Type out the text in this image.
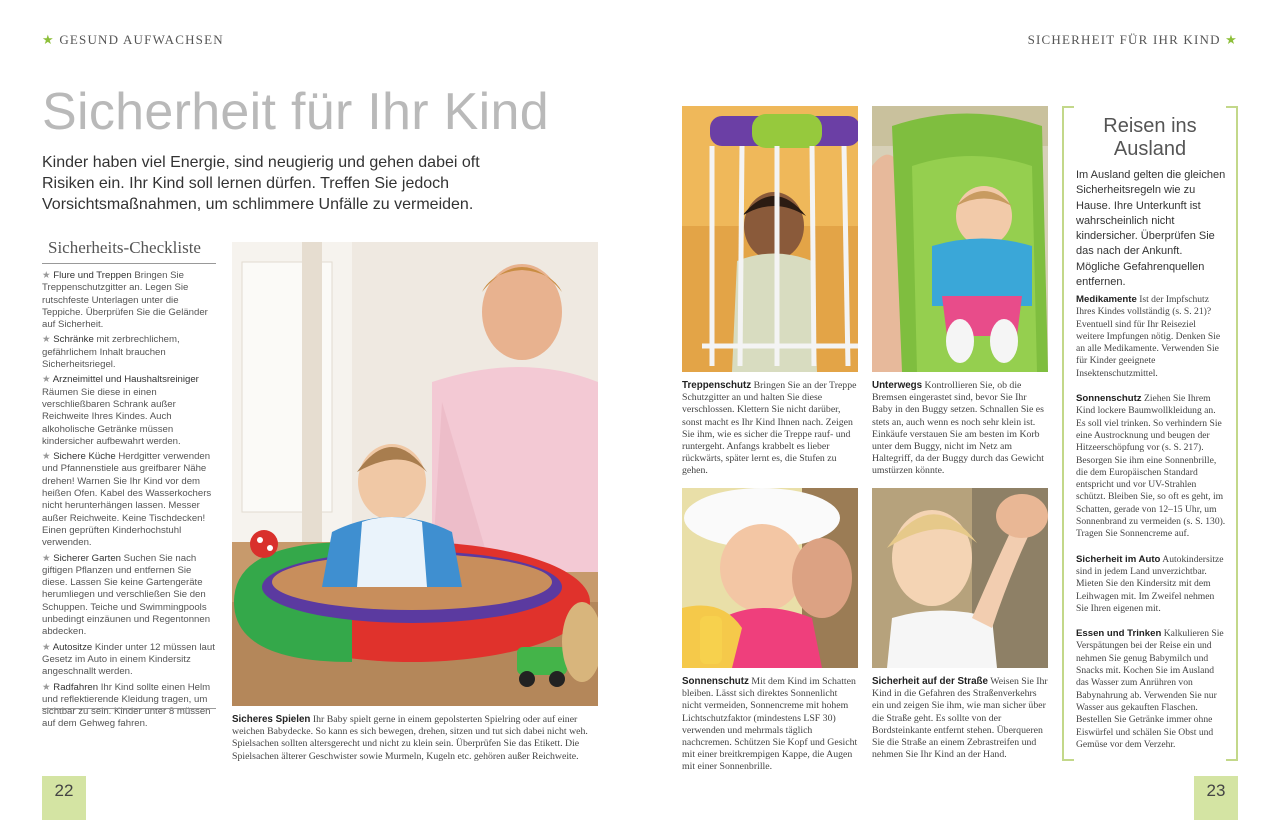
★ GESUND AUFWACHSEN	SICHERHEIT FÜR IHR KIND ★
Sicherheit für Ihr Kind
Kinder haben viel Energie, sind neugierig und gehen dabei oft Risiken ein. Ihr Kind soll lernen dürfen. Treffen Sie jedoch Vorsichtsmaßnahmen, um schlimmere Unfälle zu vermeiden.
Sicherheits-Checkliste
★ Flure und Treppen Bringen Sie Treppenschutzgitter an. Legen Sie rutschfeste Unterlagen unter die Teppiche. Überprüfen Sie die Geländer auf Sicherheit.
★ Schränke mit zerbrechlichem, gefährlichem Inhalt brauchen Sicherheitsriegel.
★ Arzneimittel und Haushaltsreiniger
Räumen Sie diese in einen verschließbaren Schrank außer Reichweite Ihres Kindes. Auch alkoholische Getränke müssen kindersicher aufbewahrt werden.
★ Sichere Küche Herdgitter verwenden und Pfannenstiele aus greifbarer Nähe drehen! Warnen Sie Ihr Kind vor dem heißen Ofen. Kabel des Wasserkochers nicht herunterhängen lassen. Messer außer Reichweite. Keine Tischdecken! Einen geprüften Kinderhochstuhl verwenden.
★ Sicherer Garten Suchen Sie nach giftigen Pflanzen und entfernen Sie diese. Lassen Sie keine Gartengeräte herumliegen und verschließen Sie den Schuppen. Teiche und Swimmingpools unbedingt einzäunen und Regentonnen abdecken.
★ Autositze Kinder unter 12 müssen laut Gesetz im Auto in einem Kindersitz angeschnallt werden.
★ Radfahren Ihr Kind sollte einen Helm und reflektierende Kleidung tragen, um sichtbar zu sein. Kinder unter 8 müssen auf dem Gehweg fahren.	Sicheres Spielen Ihr Baby spielt gerne in einem gepolsterten Spielring oder auf einer weichen Babydecke. So kann es sich bewegen, drehen, sitzen und tut sich dabei nicht weh. Spielsachen sollten altersgerecht und nicht zu klein sein. Überprüfen Sie das Etikett. Die Spielsachen älterer Geschwister sowie Murmeln, Kugeln etc. gehören außer Reichweite.
Treppenschutz Bringen Sie an der Treppe Schutzgitter an und halten Sie diese verschlossen. Klettern Sie nicht darüber, sonst macht es Ihr Kind Ihnen nach. Zeigen Sie ihm, wie es sicher die Treppe rauf- und runtergeht. Anfangs krabbelt es lieber rückwärts, später lernt es, die Stufen zu gehen.
Unterwegs Kontrollieren Sie, ob die Bremsen eingerastet sind, bevor Sie Ihr Baby in den Buggy setzen. Schnallen Sie es stets an, auch wenn es noch sehr klein ist. Einkäufe verstauen Sie am besten im Korb unter dem Buggy, nicht im Netz am Haltegriff, da der Buggy durch das Gewicht umstürzen könnte.
Sonnenschutz Mit dem Kind im Schatten bleiben. Lässt sich direktes Sonnenlicht nicht vermeiden, Sonnencreme mit hohem Lichtschutzfaktor (mindestens LSF 30) verwenden und mehrmals täglich nachcremen. Schützen Sie Kopf und Gesicht mit einer breitkrempigen Kappe, die Augen mit einer Sonnenbrille.
Sicherheit auf der Straße Weisen Sie Ihr Kind in die Gefahren des Straßenverkehrs ein und zeigen Sie ihm, wie man sicher über die Straße geht. Es sollte von der Bordsteinkante entfernt stehen. Überqueren Sie die Straße an einem Zebrastreifen und nehmen Sie Ihr Kind an der Hand.
Reisen ins Ausland
Im Ausland gelten die gleichen Sicherheitsregeln wie zu Hause. Ihre Unterkunft ist wahrscheinlich nicht kindersicher. Überprüfen Sie das nach der Ankunft. Mögliche Gefahrenquellen entfernen.
Medikamente Ist der Impfschutz Ihres Kindes vollständig (s. S. 21)? Eventuell sind für Ihr Reiseziel weitere Impfungen nötig. Denken Sie an alle Medikamente. Verwenden Sie für Kinder geeignete Insektenschutzmittel.
Sonnenschutz Ziehen Sie Ihrem Kind lockere Baumwollkleidung an. Es soll viel trinken. So verhindern Sie eine Austrocknung und beugen der Hitzeerschöpfung vor (s. S. 217). Besorgen Sie ihm eine Sonnenbrille, die dem Europäischen Standard entspricht und vor UV-Strahlen schützt. Bleiben Sie, so oft es geht, im Schatten, gerade von 12–15 Uhr, um Sonnenbrand zu vermeiden (s. S. 130). Tragen Sie Sonnencreme auf.
Sicherheit im Auto Autokindersitze sind in jedem Land unverzichtbar. Mieten Sie den Kindersitz mit dem Leihwagen mit. Im Zweifel nehmen Sie Ihren eigenen mit.
Essen und Trinken Kalkulieren Sie Verspätungen bei der Reise ein und nehmen Sie genug Babymilch und Snacks mit. Kochen Sie im Ausland das Wasser zum Anrühren von Babynahrung ab. Verwenden Sie nur Wasser aus gekauften Flaschen. Bestellen Sie Getränke immer ohne Eiswürfel und schälen Sie Obst und Gemüse vor dem Verzehr.
22	23
